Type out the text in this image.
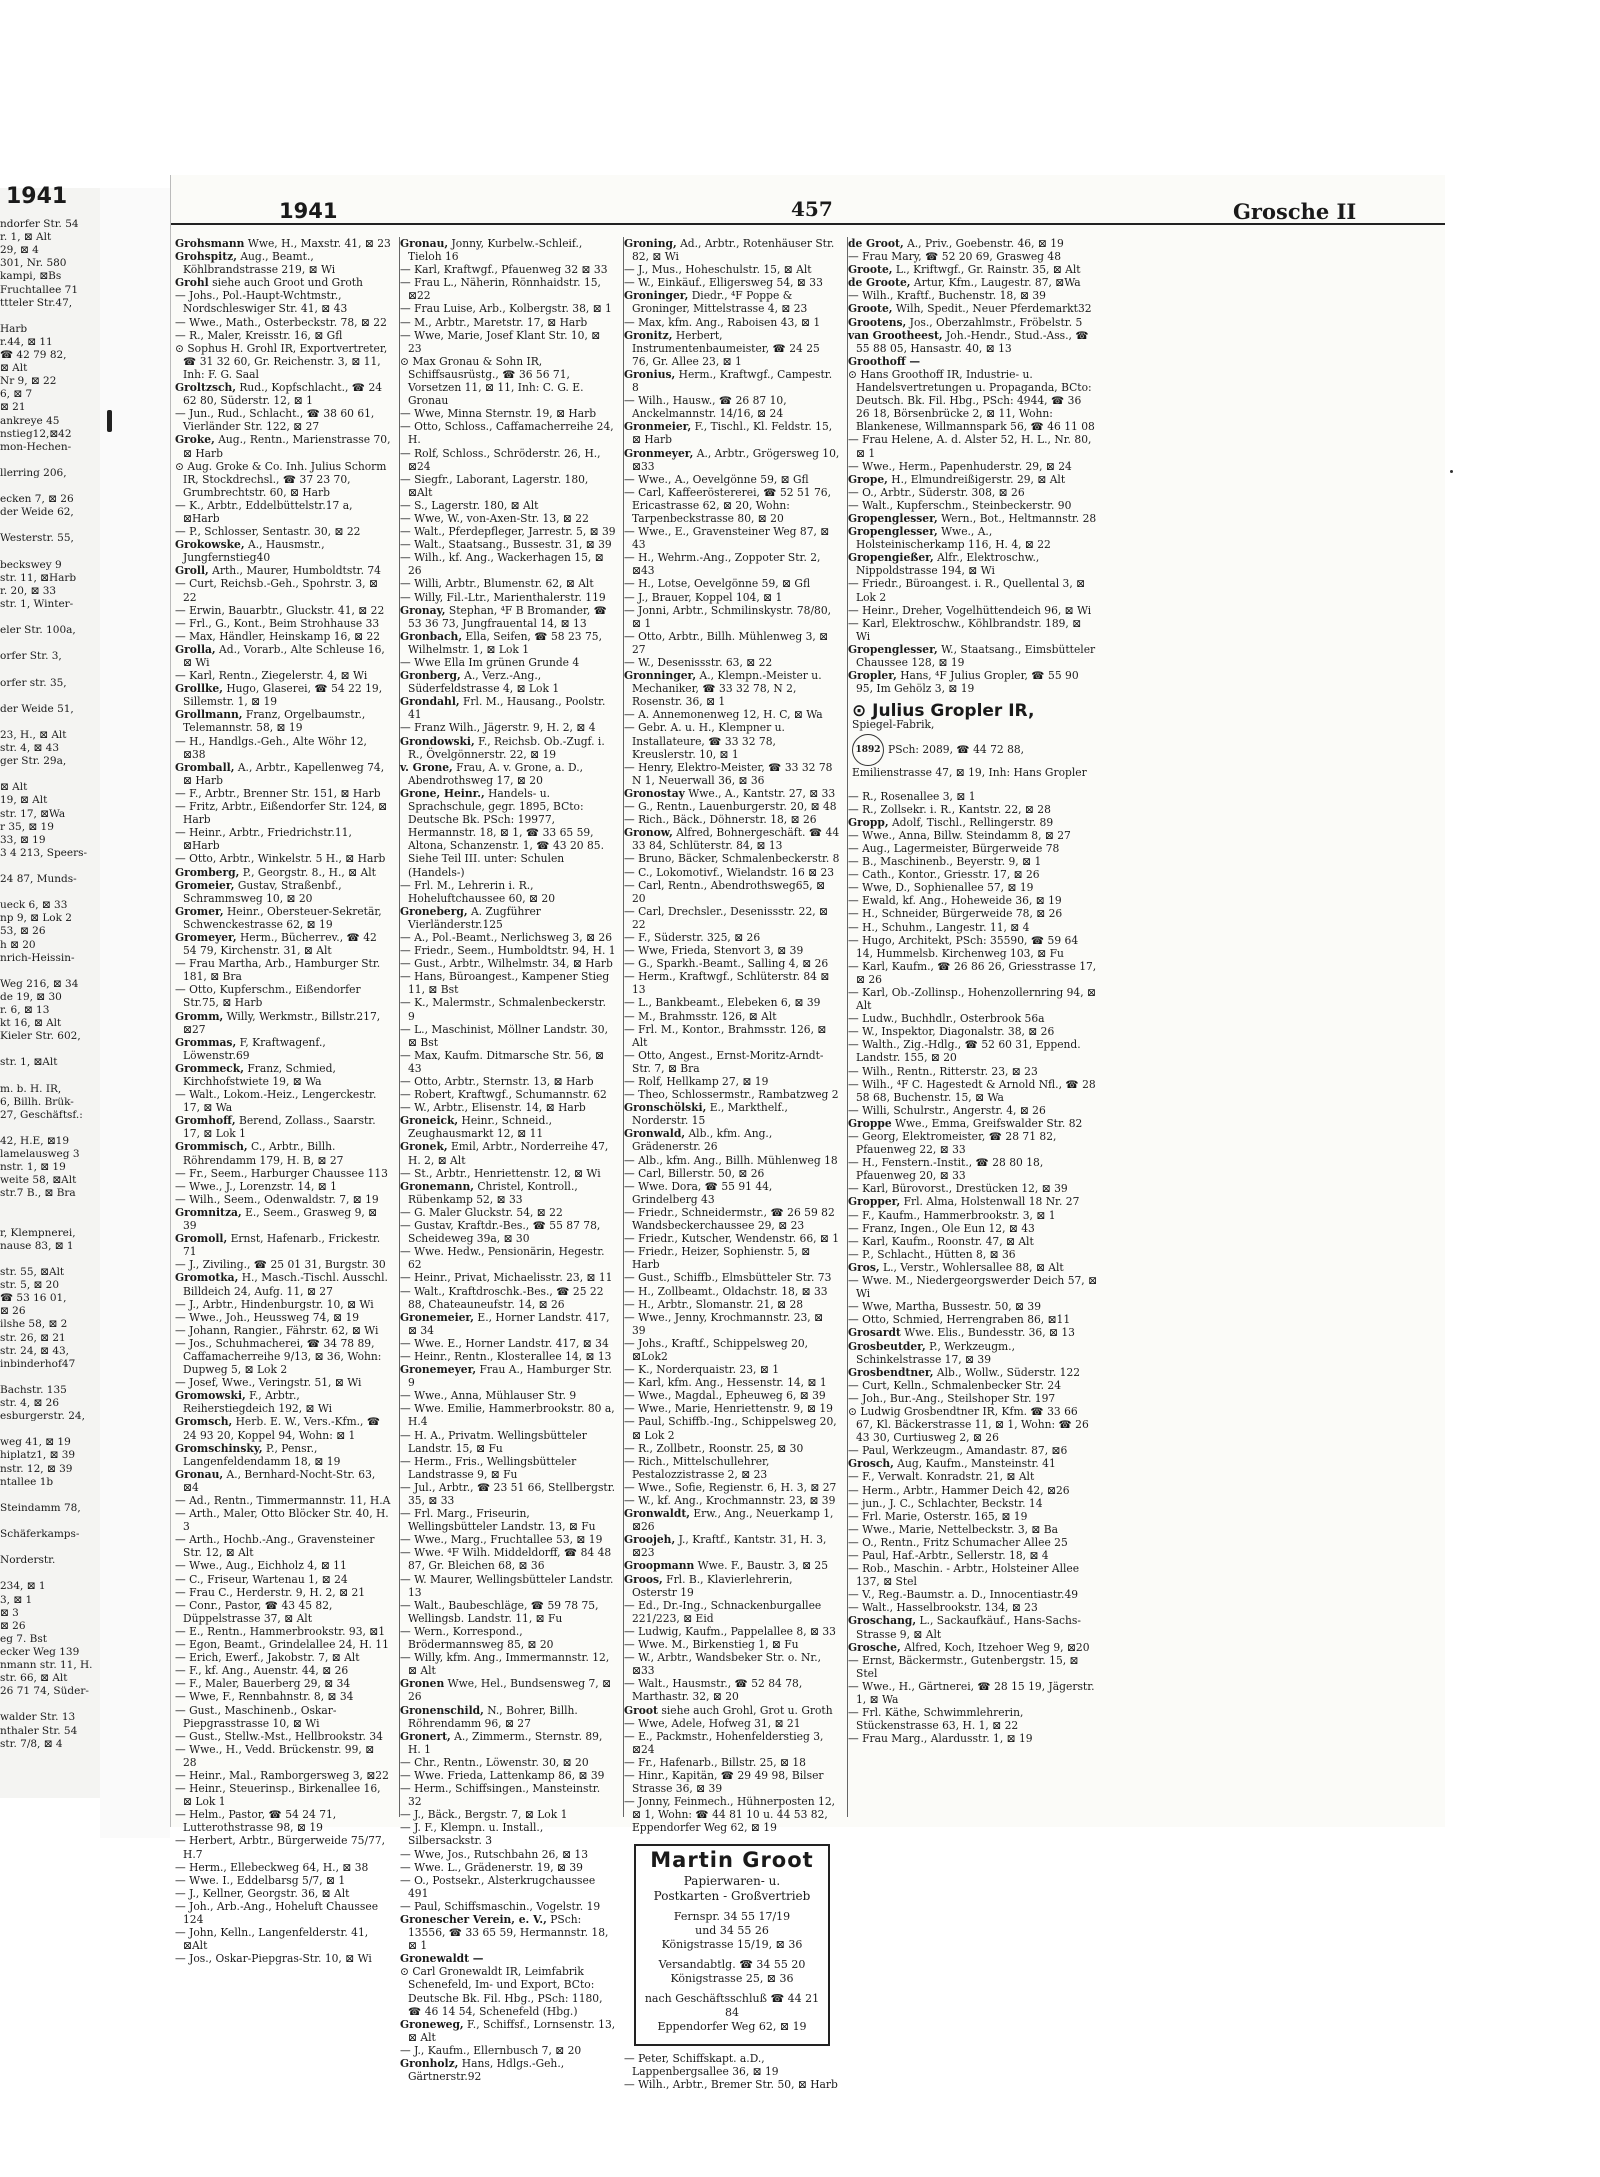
1941
ndorfer Str. 54
r. 1, ⊠ Alt
29, ⊠ 4
301, Nr. 580
kampi, ⊠Bs
Fruchtallee 71
ttteler Str.47,
Harb
r.44, ⊠ 11
☎ 42 79 82,
⊠ Alt
Nr 9, ⊠ 22
6, ⊠ 7
⊠ 21
ankreye 45
nstieg12,⊠42
mon-Hechen-
llerring 206,
ecken 7, ⊠ 26
der Weide 62,
Westerstr. 55,
beckswey 9
str. 11, ⊠Harb
r. 20, ⊠ 33
str. 1, Winter-
eler Str. 100a,
orfer Str. 3,
orfer str. 35,
der Weide 51,
23, H., ⊠ Alt
str. 4, ⊠ 43
ger Str. 29a,
⊠ Alt
19, ⊠ Alt
str. 17, ⊠Wa
r 35, ⊠ 19
33, ⊠ 19
3 4 213, Speers-
24 87, Munds-
ueck 6, ⊠ 33
np 9, ⊠ Lok 2
53, ⊠ 26
h ⊠ 20
nrich-Heissin-
Weg 216, ⊠ 34
de 19, ⊠ 30
r. 6, ⊠ 13
kt 16, ⊠ Alt
Kieler Str. 602,
str. 1, ⊠Alt
m. b. H. IR,
6, Billh. Brük-
27, Geschäftsf.:
42, H.E, ⊠19
lamelausweg 3
nstr. 1, ⊠ 19
weite 58, ⊠Alt
str.7 B., ⊠ Bra
r, Klempnerei,
nause 83, ⊠ 1
str. 55, ⊠Alt
str. 5, ⊠ 20
☎ 53 16 01,
⊠ 26
ilshe 58, ⊠ 2
str. 26, ⊠ 21
str. 24, ⊠ 43,
inbinderhof47
Bachstr. 135
str. 4, ⊠ 26
esburgerstr. 24,
weg 41, ⊠ 19
hiplatz1, ⊠ 39
nstr. 12, ⊠ 39
ntallee 1b
Steindamm 78,
Schäferkamps-
Norderstr.
234, ⊠ 1
3, ⊠ 1
⊠ 3
⊠ 26
eg 7. Bst
ecker Weg 139
nmann str. 11, H.
str. 66, ⊠ Alt
26 71 74, Süder-
walder Str. 13
nthaler Str. 54
str. 7/8, ⊠ 4
1941	457	Grosche II
Grohsmann Wwe, H., Maxstr. 41, ⊠ 23
Grohspitz, Aug., Beamt., Köhlbrandstrasse 219, ⊠ Wi
Grohl siehe auch Groot und Groth
— Johs., Pol.-Haupt-Wchtmstr., Nordschleswiger Str. 41, ⊠ 43
— Wwe., Math., Osterbeckstr. 78, ⊠ 22
— R., Maler, Kreisstr. 16, ⊠ Gfl
⊙ Sophus H. Grohl IR, Exportvertreter, ☎ 31 32 60, Gr. Reichenstr. 3, ⊠ 11, Inh: F. G. Saal
Groltzsch, Rud., Kopfschlacht., ☎ 24 62 80, Süderstr. 12, ⊠ 1
— Jun., Rud., Schlacht., ☎ 38 60 61, Vierländer Str. 122, ⊠ 27
Groke, Aug., Rentn., Marienstrasse 70, ⊠ Harb
⊙ Aug. Groke & Co. Inh. Julius Schorm IR, Stockdrechsl., ☎ 37 23 70, Grumbrechtstr. 60, ⊠ Harb
— K., Arbtr., Eddelbüttelstr.17 a, ⊠Harb
— P., Schlosser, Sentastr. 30, ⊠ 22
Grokowske, A., Hausmstr., Jungfernstieg40
Groll, Arth., Maurer, Humboldtstr. 74
— Curt, Reichsb.-Geh., Spohrstr. 3, ⊠ 22
— Erwin, Bauarbtr., Gluckstr. 41, ⊠ 22
— Frl., G., Kont., Beim Strohhause 33
— Max, Händler, Heinskamp 16, ⊠ 22
Grolla, Ad., Vorarb., Alte Schleuse 16, ⊠ Wi
— Karl, Rentn., Ziegelerstr. 4, ⊠ Wi
Grollke, Hugo, Glaserei, ☎ 54 22 19, Sillemstr. 1, ⊠ 19
Grollmann, Franz, Orgelbaumstr., Telemannstr. 58, ⊠ 19
— H., Handlgs.-Geh., Alte Wöhr 12, ⊠38
Gromball, A., Arbtr., Kapellenweg 74, ⊠ Harb
— F., Arbtr., Brenner Str. 151, ⊠ Harb
— Fritz, Arbtr., Eißendorfer Str. 124, ⊠ Harb
— Heinr., Arbtr., Friedrichstr.11, ⊠Harb
— Otto, Arbtr., Winkelstr. 5 H., ⊠ Harb
Gromberg, P., Georgstr. 8., H., ⊠ Alt
Gromeier, Gustav, Straßenbf., Schrammsweg 10, ⊠ 20
Gromer, Heinr., Obersteuer-Sekretär, Schwenckestrasse 62, ⊠ 19
Gromeyer, Herm., Bücherrev., ☎ 42 54 79, Kirchenstr. 31, ⊠ Alt
— Frau Martha, Arb., Hamburger Str. 181, ⊠ Bra
— Otto, Kupferschm., Eißendorfer Str.75, ⊠ Harb
Gromm, Willy, Werkmstr., Billstr.217, ⊠27
Grommas, F, Kraftwagenf., Löwenstr.69
Grommeck, Franz, Schmied, Kirchhofstwiete 19, ⊠ Wa
— Walt., Lokom.-Heiz., Lengerckestr. 17, ⊠ Wa
Gromhoff, Berend, Zollass., Saarstr. 17, ⊠ Lok 1
Grommisch, C., Arbtr., Billh. Röhrendamm 179, H. B, ⊠ 27
— Fr., Seem., Harburger Chaussee 113
— Wwe., J., Lorenzstr. 14, ⊠ 1
— Wilh., Seem., Odenwaldstr. 7, ⊠ 19
Gromnitza, E., Seem., Grasweg 9, ⊠ 39
Gromoll, Ernst, Hafenarb., Frickestr. 71
— J., Ziviling., ☎ 25 01 31, Burgstr. 30
Gromotka, H., Masch.-Tischl. Ausschl. Billdeich 24, Aufg. 11, ⊠ 27
— J., Arbtr., Hindenburgstr. 10, ⊠ Wi
— Wwe., Joh., Heussweg 74, ⊠ 19
— Johann, Rangier., Fährstr. 62, ⊠ Wi
— Jos., Schuhmacherei, ☎ 34 78 89, Caffamacherreihe 9/13, ⊠ 36, Wohn: Dupweg 5, ⊠ Lok 2
— Josef, Wwe., Veringstr. 51, ⊠ Wi
Gromowski, F., Arbtr., Reiherstiegdeich 192, ⊠ Wi
Gromsch, Herb. E. W., Vers.-Kfm., ☎ 24 93 20, Koppel 94, Wohn: ⊠ 1
Gromschinsky, P., Pensr., Langenfeldendamm 18, ⊠ 19
Gronau, A., Bernhard-Nocht-Str. 63, ⊠4
— Ad., Rentn., Timmermannstr. 11, H.A
— Arth., Maler, Otto Blöcker Str. 40, H. 3
— Arth., Hochb.-Ang., Gravensteiner Str. 12, ⊠ Alt
— Wwe., Aug., Eichholz 4, ⊠ 11
— C., Friseur, Wartenau 1, ⊠ 24
— Frau C., Herderstr. 9, H. 2, ⊠ 21
— Conr., Pastor, ☎ 43 45 82, Düppelstrasse 37, ⊠ Alt
— E., Rentn., Hammerbrookstr. 93, ⊠1
— Egon, Beamt., Grindelallee 24, H. 11
— Erich, Ewerf., Jakobstr. 7, ⊠ Alt
— F., kf. Ang., Auenstr. 44, ⊠ 26
— F., Maler, Bauerberg 29, ⊠ 34
— Wwe, F., Rennbahnstr. 8, ⊠ 34
— Gust., Maschinenb., Oskar-Piepgrasstrasse 10, ⊠ Wi
— Gust., Stellw.-Mst., Hellbrookstr. 34
— Wwe., H., Vedd. Brückenstr. 99, ⊠ 28
— Heinr., Mal., Ramborgersweg 3, ⊠22
— Heinr., Steuerinsp., Birkenallee 16, ⊠ Lok 1
— Helm., Pastor, ☎ 54 24 71, Lutterothstrasse 98, ⊠ 19
— Herbert, Arbtr., Bürgerweide 75/77, H.7
— Herm., Ellebeckweg 64, H., ⊠ 38
— Wwe. I., Eddelbarsg 5/7, ⊠ 1
— J., Kellner, Georgstr. 36, ⊠ Alt
— Joh., Arb.-Ang., Hoheluft Chaussee 124
— John, Kelln., Langenfelderstr. 41, ⊠Alt
— Jos., Oskar-Piepgras-Str. 10, ⊠ Wi
Gronau, Jonny, Kurbelw.-Schleif., Tieloh 16
— Karl, Kraftwgf., Pfauenweg 32 ⊠ 33
— Frau L., Näherin, Rönnhaidstr. 15, ⊠22
— Frau Luise, Arb., Kolbergstr. 38, ⊠ 1
— M., Arbtr., Maretstr. 17, ⊠ Harb
— Wwe, Marie, Josef Klant Str. 10, ⊠ 23
⊙ Max Gronau & Sohn IR, Schiffsausrüstg., ☎ 36 56 71, Vorsetzen 11, ⊠ 11, Inh: C. G. E. Gronau
— Wwe, Minna Sternstr. 19, ⊠ Harb
— Otto, Schloss., Caffamacherreihe 24, H.
— Rolf, Schloss., Schröderstr. 26, H., ⊠24
— Siegfr., Laborant, Lagerstr. 180, ⊠Alt
— S., Lagerstr. 180, ⊠ Alt
— Wwe, W., von-Axen-Str. 13, ⊠ 22
— Walt., Pferdepfleger, Jarrestr. 5, ⊠ 39
— Walt., Staatsang., Bussestr. 31, ⊠ 39
— Wilh., kf. Ang., Wackerhagen 15, ⊠ 26
— Willi, Arbtr., Blumenstr. 62, ⊠ Alt
— Willy, Fil.-Ltr., Marienthalerstr. 119
Gronay, Stephan, ⁴F B Bromander, ☎ 53 36 73, Jungfrauental 14, ⊠ 13
Gronbach, Ella, Seifen, ☎ 58 23 75, Wilhelmstr. 1, ⊠ Lok 1
— Wwe Ella Im grünen Grunde 4
Gronberg, A., Verz.-Ang., Süderfeldstrasse 4, ⊠ Lok 1
Grondahl, Frl. M., Hausang., Poolstr. 41
— Franz Wilh., Jägerstr. 9, H. 2, ⊠ 4
Grondowski, F., Reichsb. Ob.-Zugf. i. R., Övelgönnerstr. 22, ⊠ 19
v. Grone, Frau, A. v. Grone, a. D., Abendrothsweg 17, ⊠ 20
Grone, Heinr., Handels- u. Sprachschule, gegr. 1895, BCto: Deutsche Bk. PSch: 19977, Hermannstr. 18, ⊠ 1, ☎ 33 65 59, Altona, Schanzenstr. 1, ☎ 43 20 85. Siehe Teil III. unter: Schulen (Handels-)
— Frl. M., Lehrerin i. R., Hoheluftchaussee 60, ⊠ 20
Groneberg, A. Zugführer Vierländerstr.125
— A., Pol.-Beamt., Nerlichsweg 3, ⊠ 26
— Friedr., Seem., Humboldtstr. 94, H. 1
— Gust., Arbtr., Wilhelmstr. 34, ⊠ Harb
— Hans, Büroangest., Kampener Stieg 11, ⊠ Bst
— K., Malermstr., Schmalenbeckerstr. 9
— L., Maschinist, Möllner Landstr. 30, ⊠ Bst
— Max, Kaufm. Ditmarsche Str. 56, ⊠ 43
— Otto, Arbtr., Sternstr. 13, ⊠ Harb
— Robert, Kraftwgf., Schumannstr. 62
— W., Arbtr., Elisenstr. 14, ⊠ Harb
Groneick, Heinr., Schneid., Zeughausmarkt 12, ⊠ 11
Gronek, Emil, Arbtr., Norderreihe 47, H. 2, ⊠ Alt
— St., Arbtr., Henriettenstr. 12, ⊠ Wi
Gronemann, Christel, Kontroll., Rübenkamp 52, ⊠ 33
— G. Maler Gluckstr. 54, ⊠ 22
— Gustav, Kraftdr.-Bes., ☎ 55 87 78, Scheideweg 39a, ⊠ 30
— Wwe. Hedw., Pensionärin, Hegestr. 62
— Heinr., Privat, Michaelisstr. 23, ⊠ 11
— Walt., Kraftdroschk.-Bes., ☎ 25 22 88, Chateauneufstr. 14, ⊠ 26
Gronemeier, E., Horner Landstr. 417, ⊠ 34
— Wwe. E., Horner Landstr. 417, ⊠ 34
— Heinr., Rentn., Klosterallee 14, ⊠ 13
Gronemeyer, Frau A., Hamburger Str. 9
— Wwe., Anna, Mühlauser Str. 9
— Wwe. Emilie, Hammerbrookstr. 80 a, H.4
— H. A., Privatm. Wellingsbütteler Landstr. 15, ⊠ Fu
— Herm., Fris., Wellingsbütteler Landstrasse 9, ⊠ Fu
— Jul., Arbtr., ☎ 23 51 66, Stellbergstr. 35, ⊠ 33
— Frl. Marg., Friseurin, Wellingsbütteler Landstr. 13, ⊠ Fu
— Wwe., Marg., Fruchtallee 53, ⊠ 19
— Wwe. ⁴F Wilh. Middeldorff, ☎ 84 48 87, Gr. Bleichen 68, ⊠ 36
— W. Maurer, Wellingsbütteler Landstr. 13
— Walt., Baubeschläge, ☎ 59 78 75, Wellingsb. Landstr. 11, ⊠ Fu
— Wern., Korrespond., Brödermannsweg 85, ⊠ 20
— Willy, kfm. Ang., Immermannstr. 12, ⊠ Alt
Gronen Wwe, Hel., Bundsensweg 7, ⊠ 26
Gronenschild, N., Bohrer, Billh. Röhrendamm 96, ⊠ 27
Gronert, A., Zimmerm., Sternstr. 89, H. 1
— Chr., Rentn., Löwenstr. 30, ⊠ 20
— Wwe. Frieda, Lattenkamp 86, ⊠ 39
— Herm., Schiffsingen., Mansteinstr. 32
— J., Bäck., Bergstr. 7, ⊠ Lok 1
— J. F., Klempn. u. Install., Silbersackstr. 3
— Wwe, Jos., Rutschbahn 26, ⊠ 13
— Wwe. L., Grädenerstr. 19, ⊠ 39
— O., Postsekr., Alsterkrugchaussee 491
— Paul, Schiffsmaschin., Vogelstr. 19
Gronescher Verein, e. V., PSch: 13556, ☎ 33 65 59, Hermannstr. 18, ⊠ 1
Gronewaldt —
⊙ Carl Gronewaldt IR, Leimfabrik Schenefeld, Im- und Export, BCto: Deutsche Bk. Fil. Hbg., PSch: 1180, ☎ 46 14 54, Schenefeld (Hbg.)
Groneweg, F., Schiffsf., Lornsenstr. 13, ⊠ Alt
— J., Kaufm., Ellernbusch 7, ⊠ 20
Gronholz, Hans, Hdlgs.-Geh., Gärtnerstr.92
Groning, Ad., Arbtr., Rotenhäuser Str. 82, ⊠ Wi
— J., Mus., Hoheschulstr. 15, ⊠ Alt
— W., Einkäuf., Elligersweg 54, ⊠ 33
Groninger, Diedr., ⁴F Poppe & Groninger, Mittelstrasse 4, ⊠ 23
— Max, kfm. Ang., Raboisen 43, ⊠ 1
Gronitz, Herbert, Instrumentenbaumeister, ☎ 24 25 76, Gr. Allee 23, ⊠ 1
Gronius, Herm., Kraftwgf., Campestr. 8
— Wilh., Hausw., ☎ 26 87 10, Anckelmannstr. 14/16, ⊠ 24
Gronmeier, F., Tischl., Kl. Feldstr. 15, ⊠ Harb
Gronmeyer, A., Arbtr., Grögersweg 10, ⊠33
— Wwe., A., Oevelgönne 59, ⊠ Gfl
— Carl, Kaffeeröstererei, ☎ 52 51 76, Ericastrasse 62, ⊠ 20, Wohn: Tarpenbeckstrasse 80, ⊠ 20
— Wwe., E., Gravensteiner Weg 87, ⊠ 43
— H., Wehrm.-Ang., Zoppoter Str. 2, ⊠43
— H., Lotse, Oevelgönne 59, ⊠ Gfl
— J., Brauer, Koppel 104, ⊠ 1
— Jonni, Arbtr., Schmilinskystr. 78/80, ⊠ 1
— Otto, Arbtr., Billh. Mühlenweg 3, ⊠ 27
— W., Desenissstr. 63, ⊠ 22
Gronninger, A., Klempn.-Meister u. Mechaniker, ☎ 33 32 78, N 2, Rosenstr. 36, ⊠ 1
— A. Annemonenweg 12, H. C, ⊠ Wa
— Gebr. A. u. H., Klempner u. Installateure, ☎ 33 32 78, Kreuslerstr. 10, ⊠ 1
— Henry, Elektro-Meister, ☎ 33 32 78 N 1, Neuerwall 36, ⊠ 36
Gronostay Wwe., A., Kantstr. 27, ⊠ 33
— G., Rentn., Lauenburgerstr. 20, ⊠ 48
— Rich., Bäck., Döhnerstr. 18, ⊠ 26
Gronow, Alfred, Bohnergeschäft. ☎ 44 33 84, Schlüterstr. 84, ⊠ 13
— Bruno, Bäcker, Schmalenbeckerstr. 8
— C., Lokomotivf., Wielandstr. 16 ⊠ 23
— Carl, Rentn., Abendrothsweg65, ⊠ 20
— Carl, Drechsler., Desenissstr. 22, ⊠ 22
— F., Süderstr. 325, ⊠ 26
— Wwe, Frieda, Stenvort 3, ⊠ 39
— G., Sparkh.-Beamt., Salling 4, ⊠ 26
— Herm., Kraftwgf., Schlüterstr. 84 ⊠ 13
— L., Bankbeamt., Elebeken 6, ⊠ 39
— M., Brahmsstr. 126, ⊠ Alt
— Frl. M., Kontor., Brahmsstr. 126, ⊠ Alt
— Otto, Angest., Ernst-Moritz-Arndt-Str. 7, ⊠ Bra
— Rolf, Hellkamp 27, ⊠ 19
— Theo, Schlossermstr., Rambatzweg 2
Gronschölski, E., Markthelf., Norderstr. 15
Gronwald, Alb., kfm. Ang., Grädenerstr. 26
— Alb., kfm. Ang., Billh. Mühlenweg 18
— Carl, Billerstr. 50, ⊠ 26
— Wwe. Dora, ☎ 55 91 44, Grindelberg 43
— Friedr., Schneidermstr., ☎ 26 59 82 Wandsbeckerchaussee 29, ⊠ 23
— Friedr., Kutscher, Wendenstr. 66, ⊠ 1
— Friedr., Heizer, Sophienstr. 5, ⊠ Harb
— Gust., Schiffb., Elmsbütteler Str. 73
— H., Zollbeamt., Oldachstr. 18, ⊠ 33
— H., Arbtr., Slomanstr. 21, ⊠ 28
— Wwe., Jenny, Krochmannstr. 23, ⊠ 39
— Johs., Kraftf., Schippelsweg 20, ⊠Lok2
— K., Norderquaistr. 23, ⊠ 1
— Karl, kfm. Ang., Hessenstr. 14, ⊠ 1
— Wwe., Magdal., Epheuweg 6, ⊠ 39
— Wwe., Marie, Henriettenstr. 9, ⊠ 19
— Paul, Schiffb.-Ing., Schippelsweg 20, ⊠ Lok 2
— R., Zollbetr., Roonstr. 25, ⊠ 30
— Rich., Mittelschullehrer, Pestalozzistrasse 2, ⊠ 23
— Wwe., Sofie, Regienstr. 6, H. 3, ⊠ 27
— W., kf. Ang., Krochmannstr. 23, ⊠ 39
Gronwaldt, Erw., Ang., Neuerkamp 1, ⊠26
Groojeh, J., Kraftf., Kantstr. 31, H. 3, ⊠23
Groopmann Wwe. F., Baustr. 3, ⊠ 25
Groos, Frl. B., Klavierlehrerin, Osterstr 19
— Ed., Dr.-Ing., Schnackenburgallee 221/223, ⊠ Eid
— Ludwig, Kaufm., Pappelallee 8, ⊠ 33
— Wwe. M., Birkenstieg 1, ⊠ Fu
— W., Arbtr., Wandsbeker Str. o. Nr., ⊠33
— Walt., Hausmstr., ☎ 52 84 78, Marthastr. 32, ⊠ 20
Groot siehe auch Grohl, Grot u. Groth
— Wwe, Adele, Hofweg 31, ⊠ 21
— E., Packmstr., Hohenfelderstieg 3, ⊠24
— Fr., Hafenarb., Billstr. 25, ⊠ 18
— Hinr., Kapitän, ☎ 29 49 98, Bilser Strasse 36, ⊠ 39
— Jonny, Feinmech., Hühnerposten 12, ⊠ 1, Wohn: ☎ 44 81 10 u. 44 53 82, Eppendorfer Weg 62, ⊠ 19
Martin Groot
Papierwaren- u.
Postkarten - Großvertrieb
Fernspr. 34 55 17/19
und 34 55 26
Königstrasse 15/19, ⊠ 36
Versandabtlg. ☎ 34 55 20
Königstrasse 25, ⊠ 36
nach Geschäftsschluß ☎ 44 21 84
Eppendorfer Weg 62, ⊠ 19
— Peter, Schiffskapt. a.D., Lappenbergsallee 36, ⊠ 19
— Wilh., Arbtr., Bremer Str. 50, ⊠ Harb
de Groot, A., Priv., Goebenstr. 46, ⊠ 19
— Frau Mary, ☎ 52 20 69, Grasweg 48
Groote, L., Kriftwgf., Gr. Rainstr. 35, ⊠ Alt
de Groote, Artur, Kfm., Laugestr. 87, ⊠Wa
— Wilh., Kraftf., Buchenstr. 18, ⊠ 39
Groote, Wilh, Spedit., Neuer Pferdemarkt32
Grootens, Jos., Oberzahlmstr., Fröbelstr. 5
van Grootheest, Joh.-Hendr., Stud.-Ass., ☎ 55 88 05, Hansastr. 40, ⊠ 13
Groothoff —
⊙ Hans Groothoff IR, Industrie- u. Handelsvertretungen u. Propaganda, BCto: Deutsch. Bk. Fil. Hbg., PSch: 4944, ☎ 36 26 18, Börsenbrücke 2, ⊠ 11, Wohn: Blankenese, Willmannspark 56, ☎ 46 11 08
— Frau Helene, A. d. Alster 52, H. L., Nr. 80, ⊠ 1
— Wwe., Herm., Papenhuderstr. 29, ⊠ 24
Grope, H., Elmundreißigerstr. 29, ⊠ Alt
— O., Arbtr., Süderstr. 308, ⊠ 26
— Walt., Kupferschm., Steinbeckerstr. 90
Gropenglesser, Wern., Bot., Heltmannstr. 28
Gropenglesser, Wwe., A., Holsteinischerkamp 116, H. 4, ⊠ 22
Gropengießer, Alfr., Elektroschw., Nippoldstrasse 194, ⊠ Wi
— Friedr., Büroangest. i. R., Quellental 3, ⊠ Lok 2
— Heinr., Dreher, Vogelhüttendeich 96, ⊠ Wi
— Karl, Elektroschw., Köhlbrandstr. 189, ⊠ Wi
Gropenglesser, W., Staatsang., Eimsbütteler Chaussee 128, ⊠ 19
Gropler, Hans, ⁴F Julius Gropler, ☎ 55 90 95, Im Gehölz 3, ⊠ 19
⊙ Julius Gropler IR,
Spiegel-Fabrik,
1892 PSch: 2089, ☎ 44 72 88, Emilienstrasse 47, ⊠ 19, Inh: Hans Gropler
— R., Rosenallee 3, ⊠ 1
— R., Zollsekr. i. R., Kantstr. 22, ⊠ 28
Gropp, Adolf, Tischl., Rellingerstr. 89
— Wwe., Anna, Billw. Steindamm 8, ⊠ 27
— Aug., Lagermeister, Bürgerweide 78
— B., Maschinenb., Beyerstr. 9, ⊠ 1
— Cath., Kontor., Griesstr. 17, ⊠ 26
— Wwe, D., Sophienallee 57, ⊠ 19
— Ewald, kf. Ang., Hoheweide 36, ⊠ 19
— H., Schneider, Bürgerweide 78, ⊠ 26
— H., Schuhm., Langestr. 11, ⊠ 4
— Hugo, Architekt, PSch: 35590, ☎ 59 64 14, Hummelsb. Kirchenweg 103, ⊠ Fu
— Karl, Kaufm., ☎ 26 86 26, Griesstrasse 17, ⊠ 26
— Karl, Ob.-Zollinsp., Hohenzollernring 94, ⊠ Alt
— Ludw., Buchhdlr., Osterbrook 56a
— W., Inspektor, Diagonalstr. 38, ⊠ 26
— Walth., Zig.-Hdlg., ☎ 52 60 31, Eppend. Landstr. 155, ⊠ 20
— Wilh., Rentn., Ritterstr. 23, ⊠ 23
— Wilh., ⁴F C. Hagestedt & Arnold Nfl., ☎ 28 58 68, Buchenstr. 15, ⊠ Wa
— Willi, Schulrstr., Angerstr. 4, ⊠ 26
Groppe Wwe., Emma, Greifswalder Str. 82
— Georg, Elektromeister, ☎ 28 71 82, Pfauenweg 22, ⊠ 33
— H., Fenstern.-Instit., ☎ 28 80 18, Pfauenweg 20, ⊠ 33
— Karl, Bürovorst., Drestücken 12, ⊠ 39
Gropper, Frl. Alma, Holstenwall 18 Nr. 27
— F., Kaufm., Hammerbrookstr. 3, ⊠ 1
— Franz, Ingen., Ole Eun 12, ⊠ 43
— Karl, Kaufm., Roonstr. 47, ⊠ Alt
— P., Schlacht., Hütten 8, ⊠ 36
Gros, L., Verstr., Wohlersallee 88, ⊠ Alt
— Wwe. M., Niedergeorgswerder Deich 57, ⊠ Wi
— Wwe, Martha, Bussestr. 50, ⊠ 39
— Otto, Schmied, Herrengraben 86, ⊠11
Grosardt Wwe. Elis., Bundesstr. 36, ⊠ 13
Grosbeutder, P., Werkzeugm., Schinkelstrasse 17, ⊠ 39
Grosbendtner, Alb., Wollw., Süderstr. 122
— Curt, Kelln., Schmalenbecker Str. 24
— Joh., Bur.-Ang., Steilshoper Str. 197
⊙ Ludwig Grosbendtner IR, Kfm. ☎ 33 66 67, Kl. Bäckerstrasse 11, ⊠ 1, Wohn: ☎ 26 43 30, Curtiusweg 2, ⊠ 26
— Paul, Werkzeugm., Amandastr. 87, ⊠6
Grosch, Aug, Kaufm., Mansteinstr. 41
— F., Verwalt. Konradstr. 21, ⊠ Alt
— Herm., Arbtr., Hammer Deich 42, ⊠26
— jun., J. C., Schlachter, Beckstr. 14
— Frl. Marie, Osterstr. 165, ⊠ 19
— Wwe., Marie, Nettelbeckstr. 3, ⊠ Ba
— O., Rentn., Fritz Schumacher Allee 25
— Paul, Haf.-Arbtr., Sellerstr. 18, ⊠ 4
— Rob., Maschin. - Arbtr., Holsteiner Allee 137, ⊠ Stel
— V., Reg.-Baumstr. a. D., Innocentiastr.49
— Walt., Hasselbrookstr. 134, ⊠ 23
Groschang, L., Sackaufkäuf., Hans-Sachs-Strasse 9, ⊠ Alt
Grosche, Alfred, Koch, Itzehoer Weg 9, ⊠20
— Ernst, Bäckermstr., Gutenbergstr. 15, ⊠ Stel
— Wwe., H., Gärtnerei, ☎ 28 15 19, Jägerstr. 1, ⊠ Wa
— Frl. Käthe, Schwimmlehrerin, Stückenstrasse 63, H. 1, ⊠ 22
— Frau Marg., Alardusstr. 1, ⊠ 19
